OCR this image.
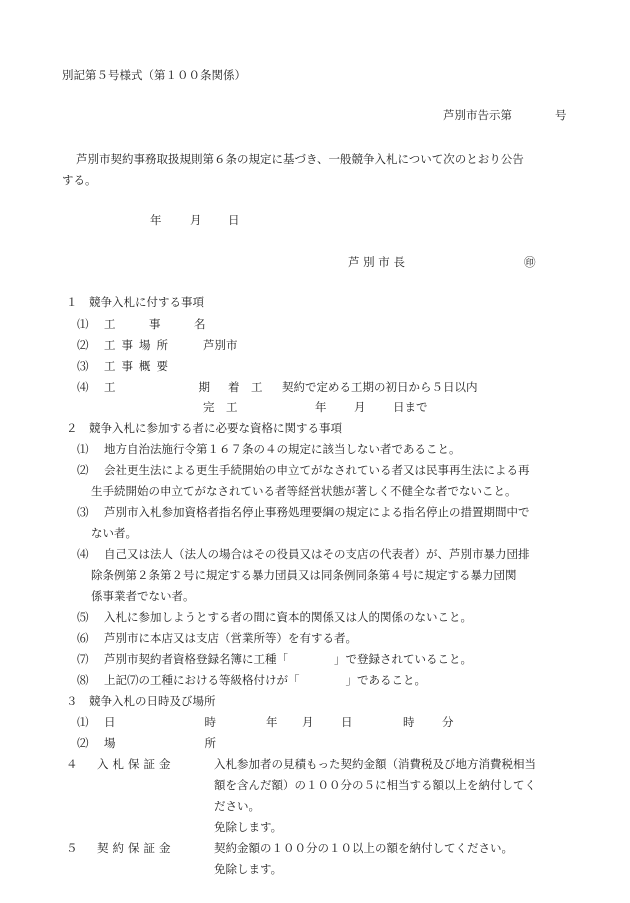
別記第５号様式（第１００条関係）
芦別市告示第	号
芦別市契約事務取扱規則第６条の規定に基づき、一般競争入札について次のとおり公告
する。
年 月 日
芦 別 市 長	㊞
１　競争入札に付する事項
⑴ 工　事　名
⑵ 工事場所	芦別市
⑶ 工事概要
⑷ 工　　期
着　工 契約で定める工期の初日から５日以内
完　工	年 月 日まで
２　競争入札に参加する者に必要な資格に関する事項
⑴ 地方自治法施行令第１６７条の４の規定に該当しない者であること。
⑵ 会社更生法による更生手続開始の申立てがなされている者又は民事再生法による再
生手続開始の申立てがなされている者等経営状態が著しく不健全な者でないこと。
⑶ 芦別市入札参加資格者指名停止事務処理要綱の規定による指名停止の措置期間中で
ない者。
⑷ 自己又は法人（法人の場合はその役員又はその支店の代表者）が、芦別市暴力団排
除条例第２条第２号に規定する暴力団員又は同条例同条第４号に規定する暴力団関
係事業者でない者。
⑸ 入札に参加しようとする者の間に資本的関係又は人的関係のないこと。
⑹ 芦別市に本店又は支店（営業所等）を有する者。
⑺ 芦別市契約者資格登録名簿に工種「　　　　」で登録されていること。
⑻ 上記⑺の工種における等級格付けが「　　　　」であること。
３　競争入札の日時及び場所
⑴ 日　　時 年 月 日	時 分
⑵ 場　　所
４　入札保証金	入札参加者の見積もった契約金額（消費税及び地方消費税相当
額を含んだ額）の１００分の５に相当する額以上を納付してく
ださい。
免除します。
５　契約保証金	契約金額の１００分の１０以上の額を納付してください。
免除します。
